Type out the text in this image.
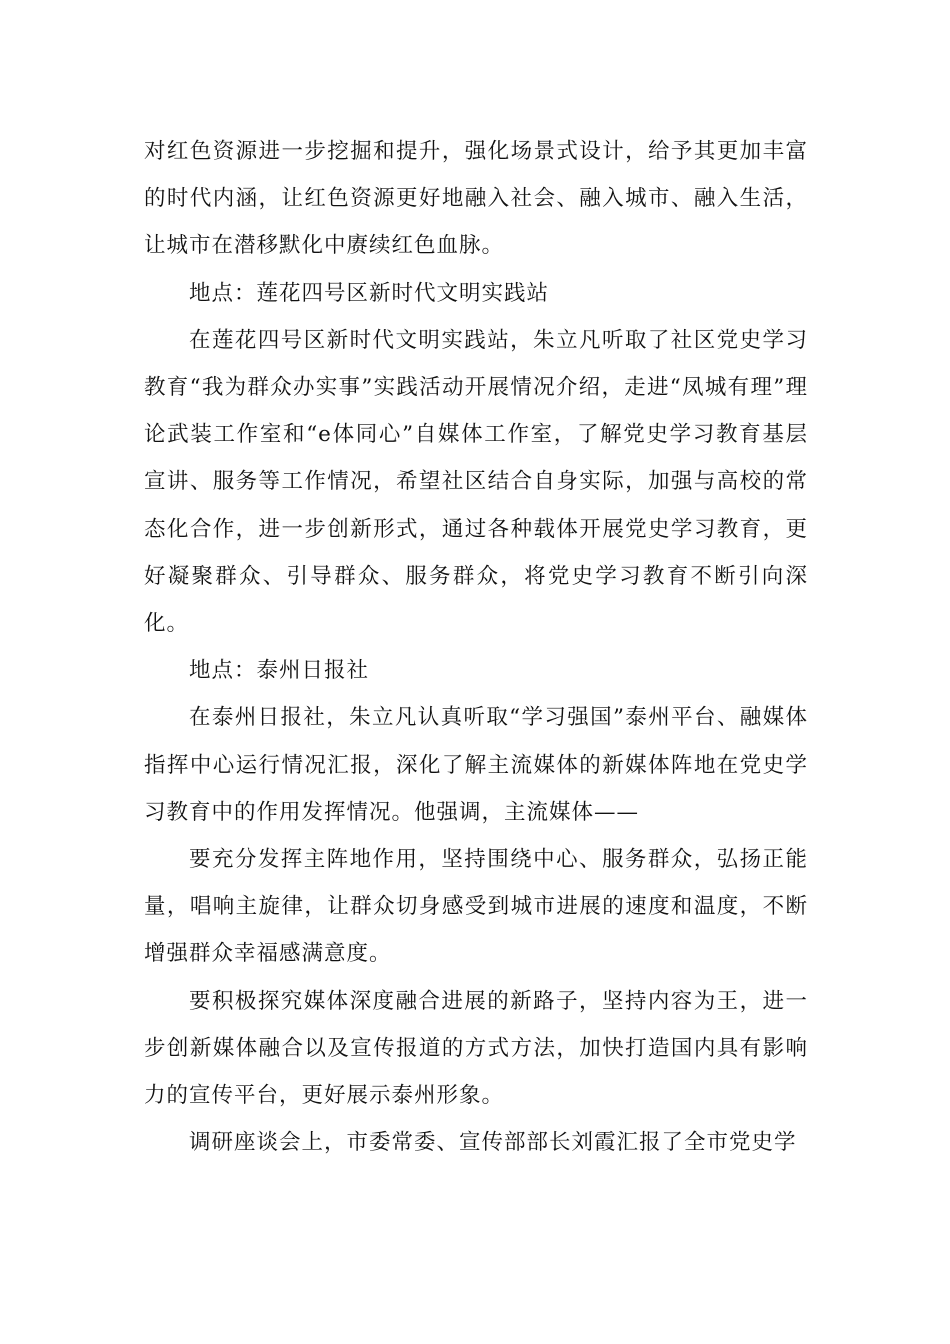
对红色资源进一步挖掘和提升，强化场景式设计，给予其更加丰富的时代内涵，让红色资源更好地融入社会、融入城市、融入生活，让城市在潜移默化中赓续红色血脉。

地点：莲花四号区新时代文明实践站

在莲花四号区新时代文明实践站，朱立凡听取了社区党史学习教育“我为群众办实事”实践活动开展情况介绍，走进“凤城有理”理论武装工作室和“e体同心”自媒体工作室，了解党史学习教育基层宣讲、服务等工作情况，希望社区结合自身实际，加强与高校的常态化合作，进一步创新形式，通过各种载体开展党史学习教育，更好凝聚群众、引导群众、服务群众，将党史学习教育不断引向深化。

地点：泰州日报社

在泰州日报社，朱立凡认真听取“学习强国”泰州平台、融媒体指挥中心运行情况汇报，深化了解主流媒体的新媒体阵地在党史学习教育中的作用发挥情况。他强调，主流媒体——

要充分发挥主阵地作用，坚持围绕中心、服务群众，弘扬正能量，唱响主旋律，让群众切身感受到城市进展的速度和温度，不断增强群众幸福感满意度。

要积极探究媒体深度融合进展的新路子，坚持内容为王，进一步创新媒体融合以及宣传报道的方式方法，加快打造国内具有影响力的宣传平台，更好展示泰州形象。

调研座谈会上，市委常委、宣传部部长刘霞汇报了全市党史学
